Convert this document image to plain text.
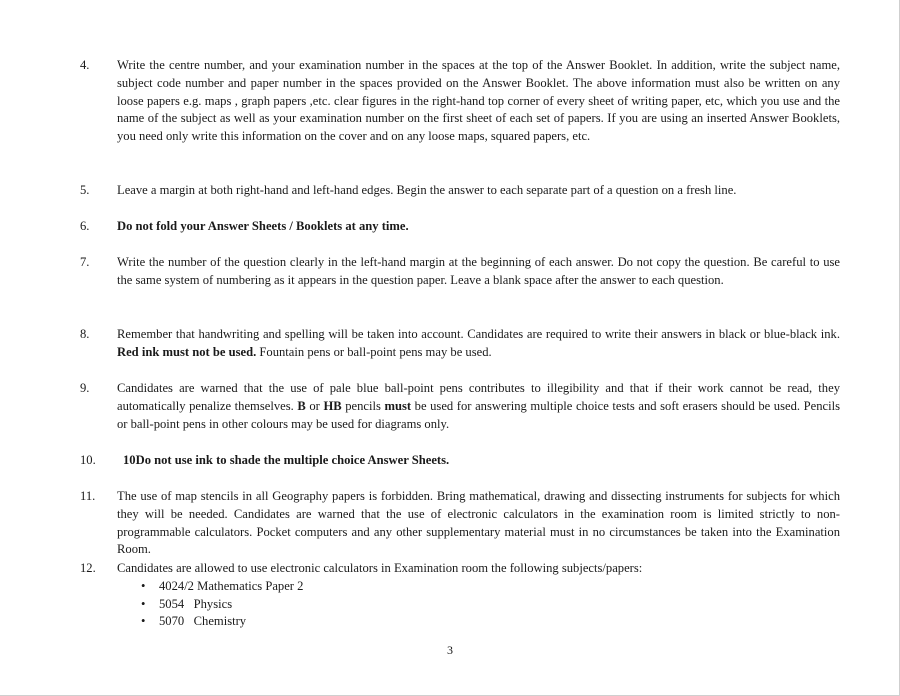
4.	Write the centre number, and your examination number in the spaces at the top of the Answer Booklet. In addition, write the subject name, subject code number and paper number in the spaces provided on the Answer Booklet. The above information must also be written on any loose papers e.g. maps , graph papers ,etc. clear figures in the right-hand top corner of every sheet of writing paper, etc, which you use and the name of the subject as well as your examination number on the first sheet of each set of papers. If you are using an inserted Answer Booklets, you need only write this information on the cover and on any loose maps, squared papers, etc.
5.	Leave a margin at both right-hand and left-hand edges. Begin the answer to each separate part of a question on a fresh line.
6.	Do not fold your Answer Sheets / Booklets at any time.
7.	Write the number of the question clearly in the left-hand margin at the beginning of each answer. Do not copy the question. Be careful to use the same system of numbering as it appears in the question paper. Leave a blank space after the answer to each question.
8.	Remember that handwriting and spelling will be taken into account. Candidates are required to write their answers in black or blue-black ink. Red ink must not be used. Fountain pens or ball-point pens may be used.
9.	Candidates are warned that the use of pale blue ball-point pens contributes to illegibility and that if their work cannot be read, they automatically penalize themselves. B or HB pencils must be used for answering multiple choice tests and soft erasers should be used. Pencils or ball-point pens in other colours may be used for diagrams only.
10.	10Do not use ink to shade the multiple choice Answer Sheets.
11.	The use of map stencils in all Geography papers is forbidden. Bring mathematical, drawing and dissecting instruments for subjects for which they will be needed. Candidates are warned that the use of electronic calculators in the examination room is limited strictly to non-programmable calculators. Pocket computers and any other supplementary material must in no circumstances be taken into the Examination Room.
12.	Candidates are allowed to use electronic calculators in Examination room the following subjects/papers:
• 4024/2 Mathematics Paper 2
• 5054   Physics
• 5070   Chemistry
3
